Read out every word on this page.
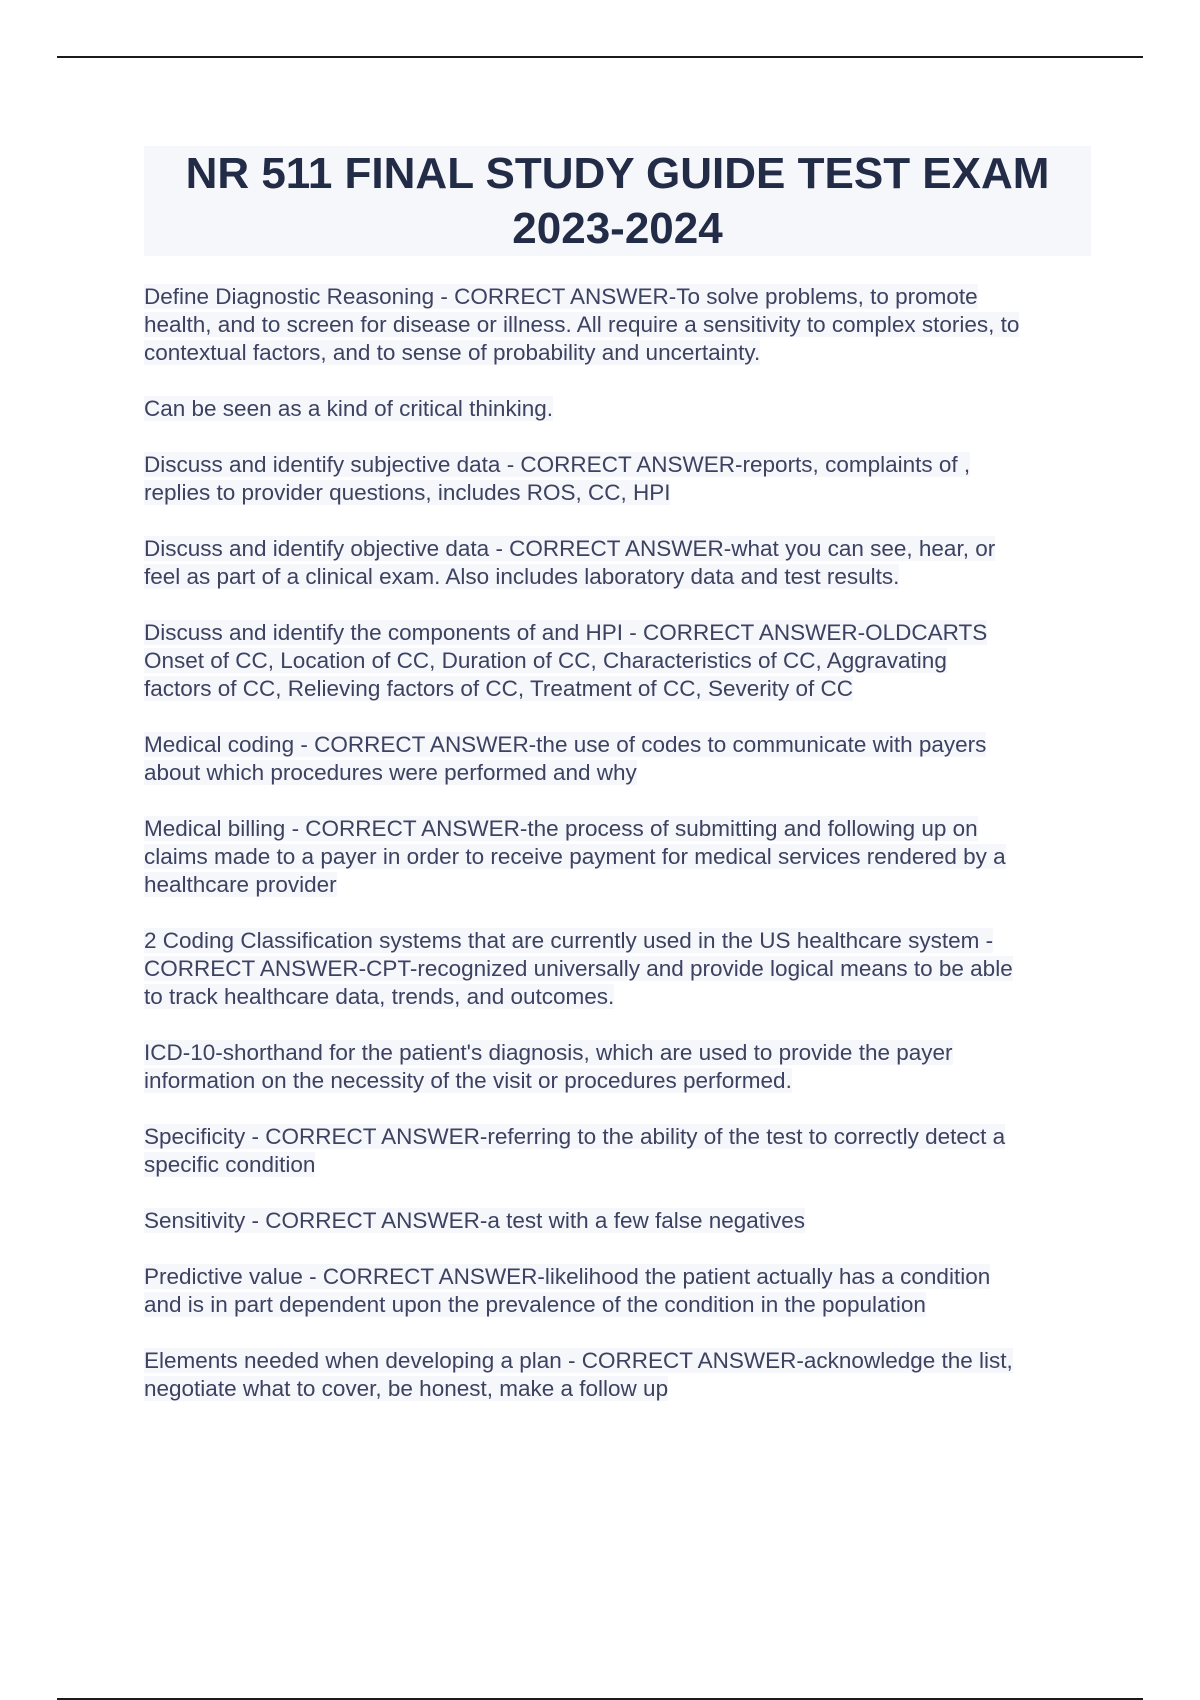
NR 511 FINAL STUDY GUIDE TEST EXAM 2023-2024

Define Diagnostic Reasoning - CORRECT ANSWER-To solve problems, to promote
health, and to screen for disease or illness. All require a sensitivity to complex stories, to
contextual factors, and to sense of probability and uncertainty.

Can be seen as a kind of critical thinking.

Discuss and identify subjective data - CORRECT ANSWER-reports, complaints of ,
replies to provider questions, includes ROS, CC, HPI

Discuss and identify objective data - CORRECT ANSWER-what you can see, hear, or
feel as part of a clinical exam. Also includes laboratory data and test results.

Discuss and identify the components of and HPI - CORRECT ANSWER-OLDCARTS
Onset of CC, Location of CC, Duration of CC, Characteristics of CC, Aggravating
factors of CC, Relieving factors of CC, Treatment of CC, Severity of CC

Medical coding - CORRECT ANSWER-the use of codes to communicate with payers
about which procedures were performed and why

Medical billing - CORRECT ANSWER-the process of submitting and following up on
claims made to a payer in order to receive payment for medical services rendered by a
healthcare provider

2 Coding Classification systems that are currently used in the US healthcare system -
CORRECT ANSWER-CPT-recognized universally and provide logical means to be able
to track healthcare data, trends, and outcomes.

ICD-10-shorthand for the patient's diagnosis, which are used to provide the payer
information on the necessity of the visit or procedures performed.

Specificity - CORRECT ANSWER-referring to the ability of the test to correctly detect a
specific condition

Sensitivity - CORRECT ANSWER-a test with a few false negatives

Predictive value - CORRECT ANSWER-likelihood the patient actually has a condition
and is in part dependent upon the prevalence of the condition in the population

Elements needed when developing a plan - CORRECT ANSWER-acknowledge the list,
negotiate what to cover, be honest, make a follow up
